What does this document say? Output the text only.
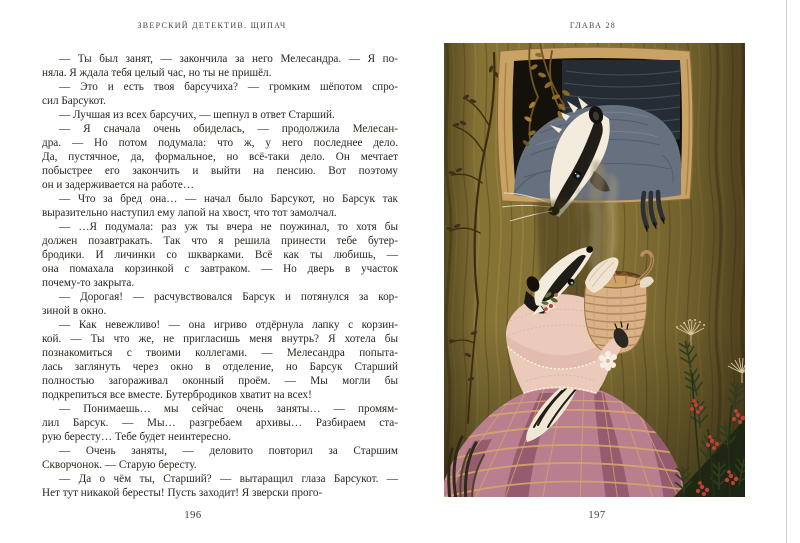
ЗВЕРСКИЙ ДЕТЕКТИВ. ЩИПАЧ
— Ты был занят, — закончила за него Мелесандра. — Я по-
няла. Я ждала тебя целый час, но ты не пришёл.
— Это и есть твоя барсучиха? — громким шёпотом спро-
сил Барсукот.
— Лучшая из всех барсучих, — шепнул в ответ Старший.
— Я сначала очень обиделась, — продолжила Мелесан-
дра. — Но потом подумала: что ж, у него последнее дело.
Да, пустячное, да, формальное, но всё-таки дело. Он мечтает
побыстрее его закончить и выйти на пенсию. Вот поэтому
он и задерживается на работе…
— Что за бред она… — начал было Барсукот, но Барсук так
выразительно наступил ему лапой на хвост, что тот замолчал.
— …Я подумала: раз уж ты вчера не поужинал, то хотя бы
должен позавтракать. Так что я решила принести тебе бутер-
бродики. И личинки со шкварками. Всё как ты любишь, —
она помахала корзинкой с завтраком. — Но дверь в участок
почему-то закрыта.
— Дорогая! — расчувствовался Барсук и потянулся за кор-
зиной в окно.
— Как невежливо! — она игриво отдёрнула лапку с корзин-
кой. — Ты что же, не пригласишь меня внутрь? Я хотела бы
познакомиться с твоими коллегами. — Мелесандра попыта-
лась заглянуть через окно в отделение, но Барсук Старший
полностью загораживал оконный проём. — Мы могли бы
подкрепиться все вместе. Бутербродиков хватит на всех!
— Понимаешь… мы сейчас очень заняты… — промям-
лил Барсук. — Мы… разгребаем архивы… Разбираем ста-
рую бересту… Тебе будет неинтересно.
— Очень заняты, — деловито повторил за Старшим
Скворчонок. — Старую бересту.
— Да о чём ты, Старший? — вытаращил глаза Барсукот. —
Нет тут никакой бересты! Пусть заходит! Я зверски прого-
196
ГЛАВА 28
197
